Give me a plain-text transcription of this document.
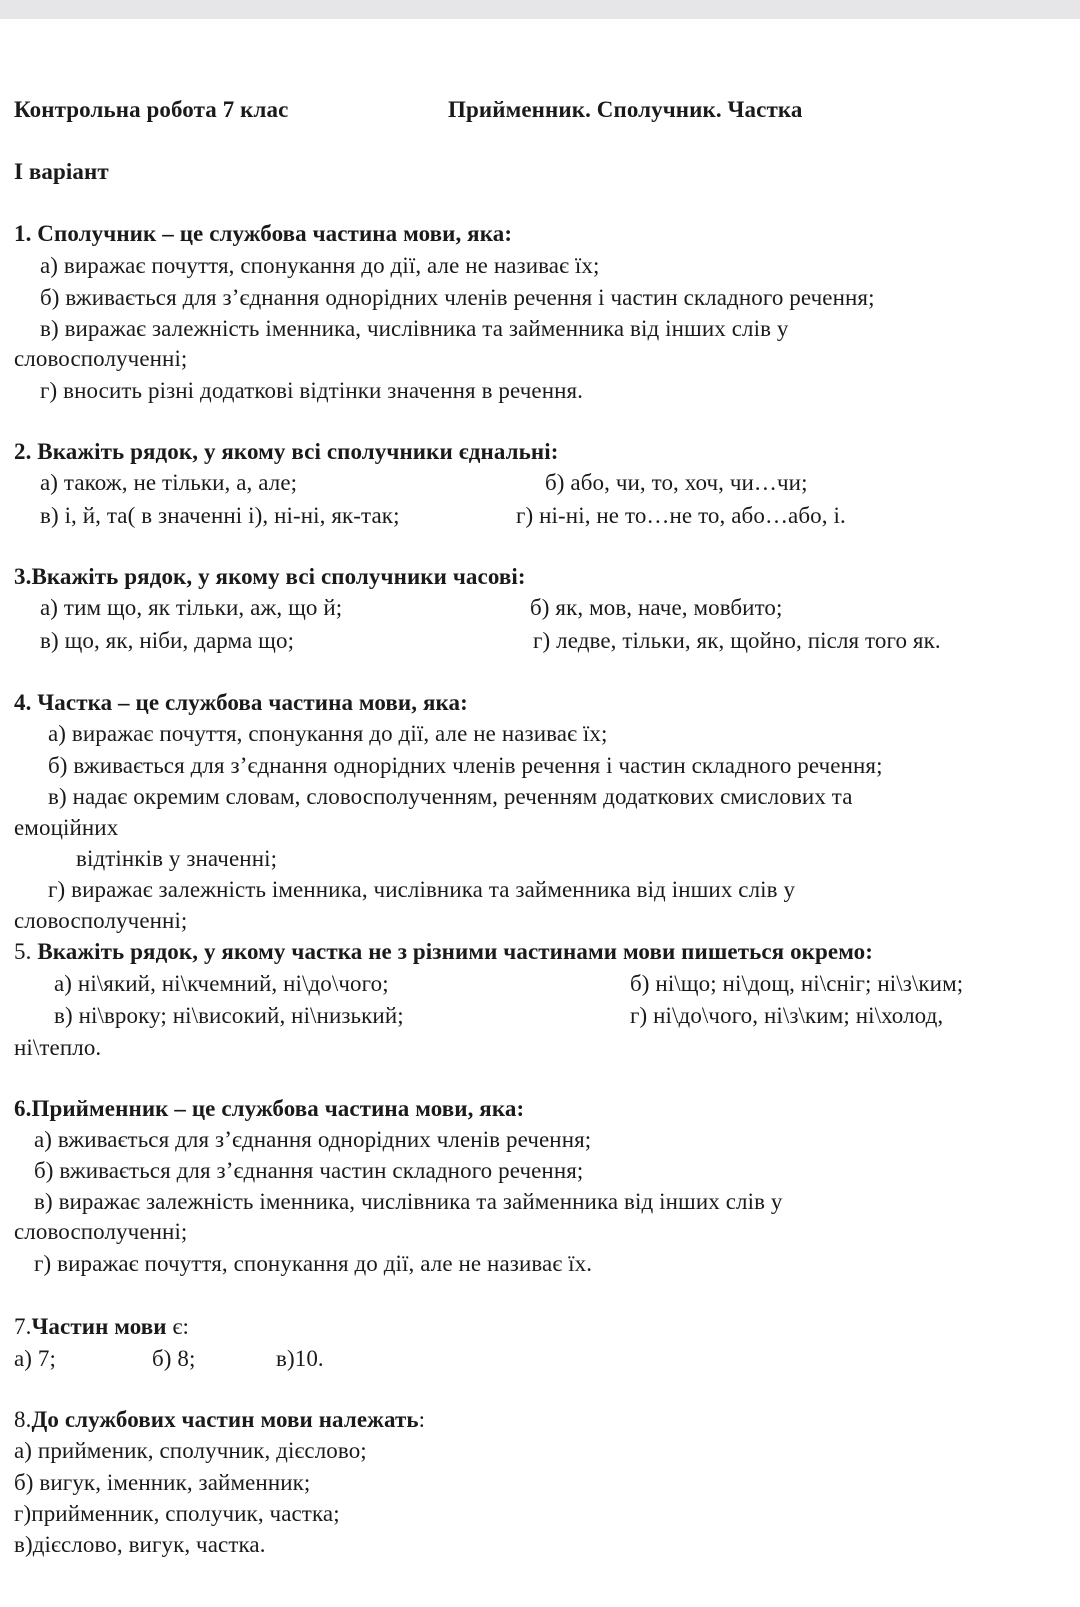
Контрольна робота 7 клас	Прийменник. Сполучник. Частка
І варіант
1. Сполучник – це службова частина мови, яка:
а) виражає почуття, спонукання до дії, але не називає їх;
б) вживається для з’єднання однорідних членів речення і частин складного речення;
в) виражає залежність іменника, числівника та займенника від інших слів у
словосполученні;
г) вносить різні додаткові відтінки значення в речення.
2. Вкажіть рядок, у якому всі сполучники єднальні:
а) також, не тільки, а, але;	б) або, чи, то, хоч, чи…чи;
в) і, й, та( в значенні і), ні-ні, як-так;	г) ні-ні, не то…не то, або…або, і.
3.Вкажіть рядок, у якому всі сполучники часові:
а) тим що, як тільки, аж, що й;	б) як, мов, наче, мовбито;
в) що, як, ніби, дарма що;	г) ледве, тільки, як, щойно, після того як.
4. Частка – це службова частина мови, яка:
а) виражає почуття, спонукання до дії, але не називає їх;
б) вживається для з’єднання однорідних членів речення і частин складного речення;
в) надає окремим словам, словосполученням, реченням додаткових смислових та
емоційних
відтінків у значенні;
г) виражає залежність іменника, числівника та займенника від інших слів у
словосполученні;
5. Вкажіть рядок, у якому частка не з різними частинами мови пишеться окремо:
а) ні\який, ні\кчемний, ні\до\чого;	б) ні\що; ні\дощ, ні\сніг; ні\з\ким;
в) ні\вроку; ні\високий, ні\низький;	г) ні\до\чого, ні\з\ким; ні\холод,
ні\тепло.
6.Прийменник – це службова частина мови, яка:
а) вживається для з’єднання однорідних членів речення;
б) вживається для з’єднання частин складного речення;
в) виражає залежність іменника, числівника та займенника від інших слів у
словосполученні;
г) виражає почуття, спонукання до дії, але не називає їх.
7.Частин мови є:
а) 7;	б) 8;	в)10.
8.До службових частин мови належать:
а) прийменик, сполучник, дієслово;
б) вигук, іменник, займенник;
г)прийменник, сполучик, частка;
в)дієслово, вигук, частка.
